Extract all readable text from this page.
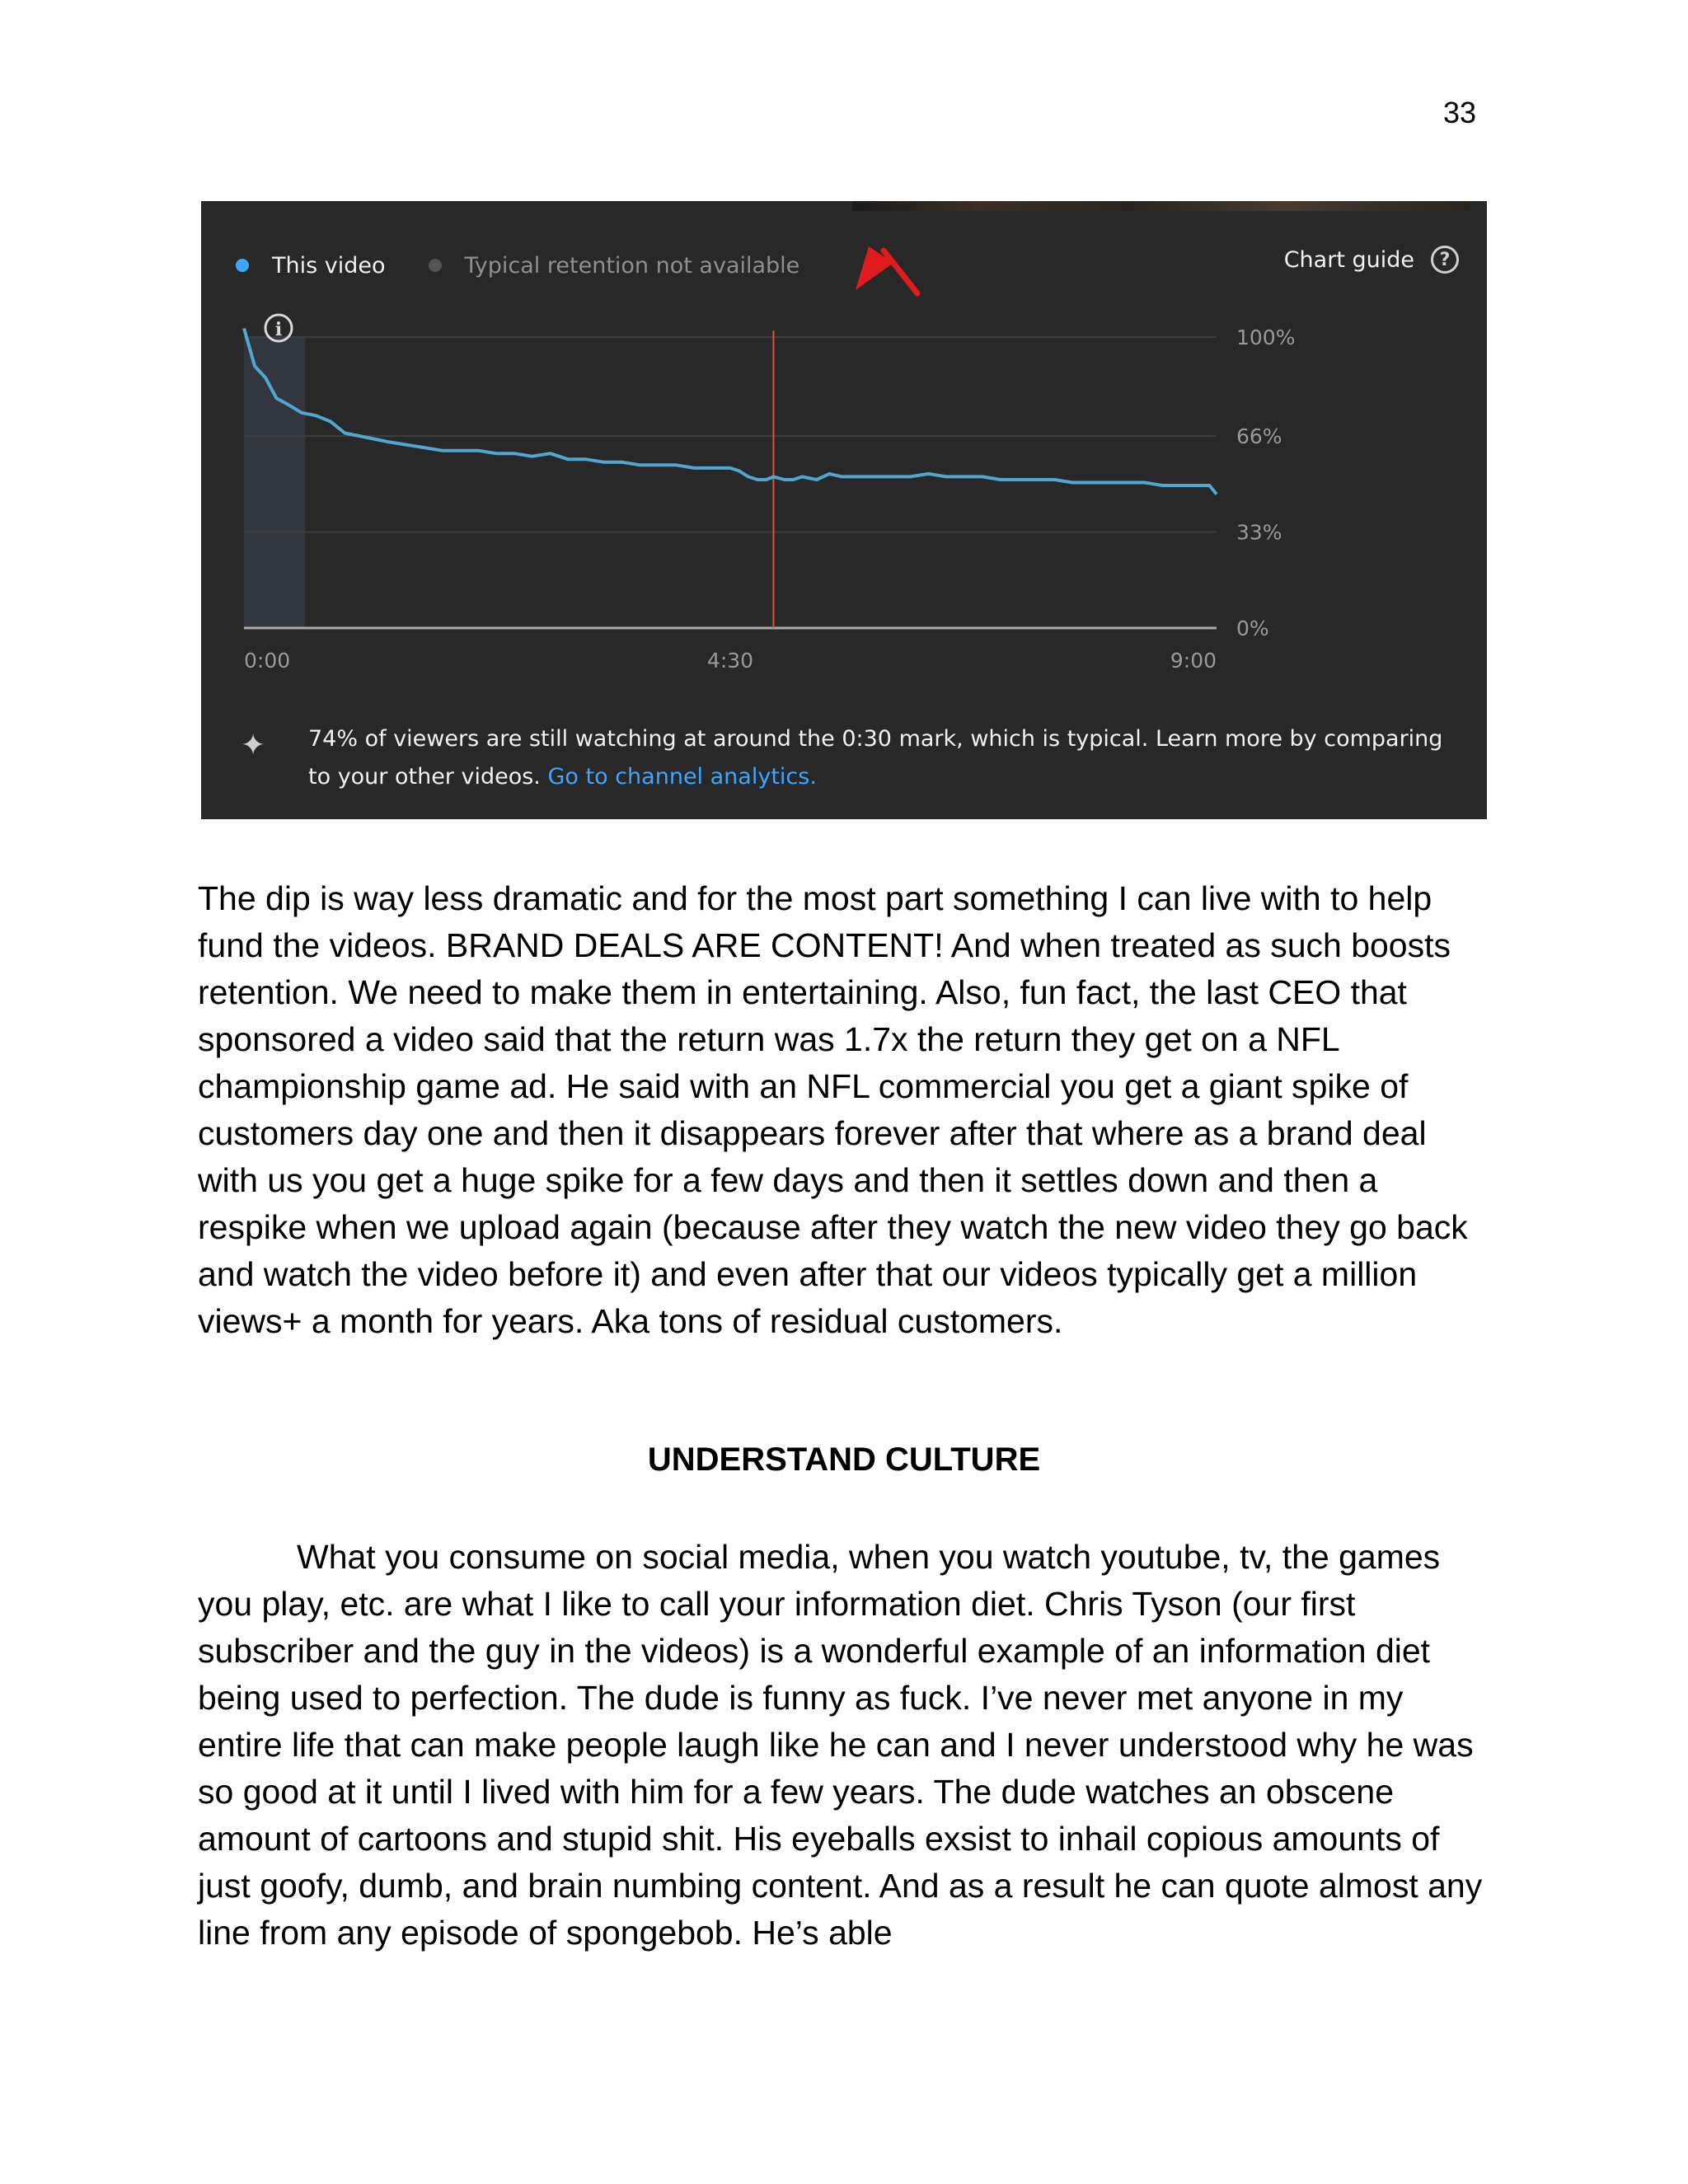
33
This video	Typical retention not available	Chart guide	?
0:00	4:30	9:00
100%
66%
33%
0%
i
✦	74% of viewers are still watching at around the 0:30 mark, which is typical. Learn more by comparing to your other videos. Go to channel analytics.

The dip is way less dramatic and for the most part something I can live with to help fund the videos. BRAND DEALS ARE CONTENT! And when treated as such boosts retention. We need to make them in entertaining. Also, fun fact, the last CEO that sponsored a video said that the return was 1.7x the return they get on a NFL championship game ad. He said with an NFL commercial you get a giant spike of customers day one and then it disappears forever after that where as a brand deal with us you get a huge spike for a few days and then it settles down and then a respike when we upload again (because after they watch the new video they go back and watch the video before it) and even after that our videos typically get a million views+ a month for years. Aka tons of residual customers.

UNDERSTAND CULTURE

What you consume on social media, when you watch youtube, tv, the games you play, etc. are what I like to call your information diet. Chris Tyson (our first subscriber and the guy in the videos) is a wonderful example of an information diet being used to perfection. The dude is funny as fuck. I’ve never met anyone in my entire life that can make people laugh like he can and I never understood why he was so good at it until I lived with him for a few years. The dude watches an obscene amount of cartoons and stupid shit. His eyeballs exsist to inhail copious amounts of just goofy, dumb, and brain numbing content. And as a result he can quote almost any line from any episode of spongebob. He’s able
